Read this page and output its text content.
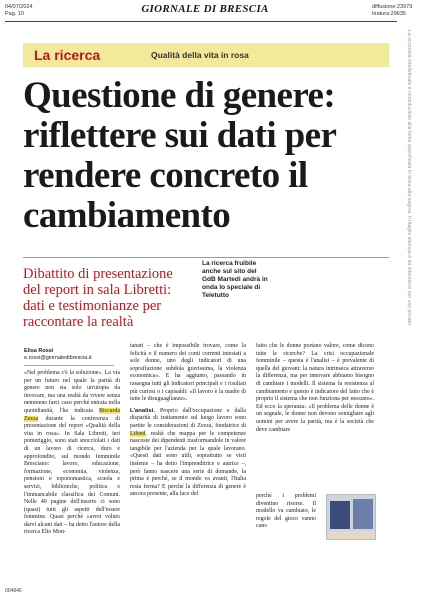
04/07/2024
Pag. 10	GIORNALE DI BRESCIA	diffusione:23979
tiratura:29635
La ricerca	Qualità della vita in rosa
Questione di genere: riflettere sui dati per rendere concreto il cambiamento
Dibattito di presentazione del report in sala Libretti: dati e testimonianze per raccontare la realtà
La ricerca fruibile anche sul sito del GdB Martedì andrà in onda lo speciale di Teletutto
Elisa Rossi
e.rossi@giornaledibrescia.it

«Nel problema c'è la soluzione». La via per un futuro nel quale la parità di genere non sia solo un'utopia da invocare, ma una realtà da vivere senza nemmeno farci caso perché entrata nella quotidianità, l'ha indicata Riccarda Zezza durante la conferenza di presentazione del report «Qualità della vita in rosa». In Sala Libretti, ieri pomeriggio, sono stati snocciolati i dati di un lavoro di ricerca, duro e approfondito, sul mondo femminile Bresciano: lavoro, educazione, formazione, economia, violenza, pensioni e toponomastica, scuola e servizi, biblioteche, politica e l'immancabile classifica dei Comuni. Nelle 40 pagine dell'inserto ci sono (quasi) tutti gli aspetti dell'essere femmine. Quasi perché «avrei voluto darvi alcuni dati – ha detto l'autore della ricerca Elio Mon-

tanari – che è impossibile trovare, come la felicità o il numero dei conti correnti intestati a sole donne, uno degli indicatori di una sopraffazione subdola gravissima, la violenza economica». E ha aggiunto, passando in rassegna tutti gli indicatori principali e i risultati più curiosi o i capisaldi: «Il lavoro è la madre di tutte le disuguaglianze».

L'analisi. Proprio dall'occupazione e dalla disparità di trattamento sul luogo lavoro sono partite le considerazioni di Zezza, fondatrice di Lifeed, realtà che mappa per le competenze nascoste dei dipendenti trasformandole in valore tangibile per l'azienda per la quale lavorano. «Questi dati sono utili, soprattutto se visti insieme – ha detto l'imprenditrice e autrice –, però fanno nascere una serie di domande, la prima è perché, se il mondo va avanti, l'Italia resta ferma? E perché la differenza di genere è ancora presente, alla luce del

fatto che le donne portano valore, come dicono tutte le ricerche? La crisi occupazionale femminile – questa è l'analisi – è prevalente di quella del giovani: la natura intrinseca attraverso la differenza, ma per innovare abbiamo bisogno di cambiare i modelli. Il sistema fa resistenza al cambiamento e questo è indicatore del fatto che è proprio il sistema che non funziona per nessuno». Ed ecco la speranza: «Il problema delle donne è un segnale, le donne non devono somigliare agli uomini per avere la parità, ma è la società che deve cambiare

perché i problemi diventino risorse. Il modello va cambiato, le regole del gioco vanno cam-

La proprietà intellettuale è riconducibile alla fonte specificata in testa alla pagina. Il ritaglio stampa è da intendersi per uso privato
004846
